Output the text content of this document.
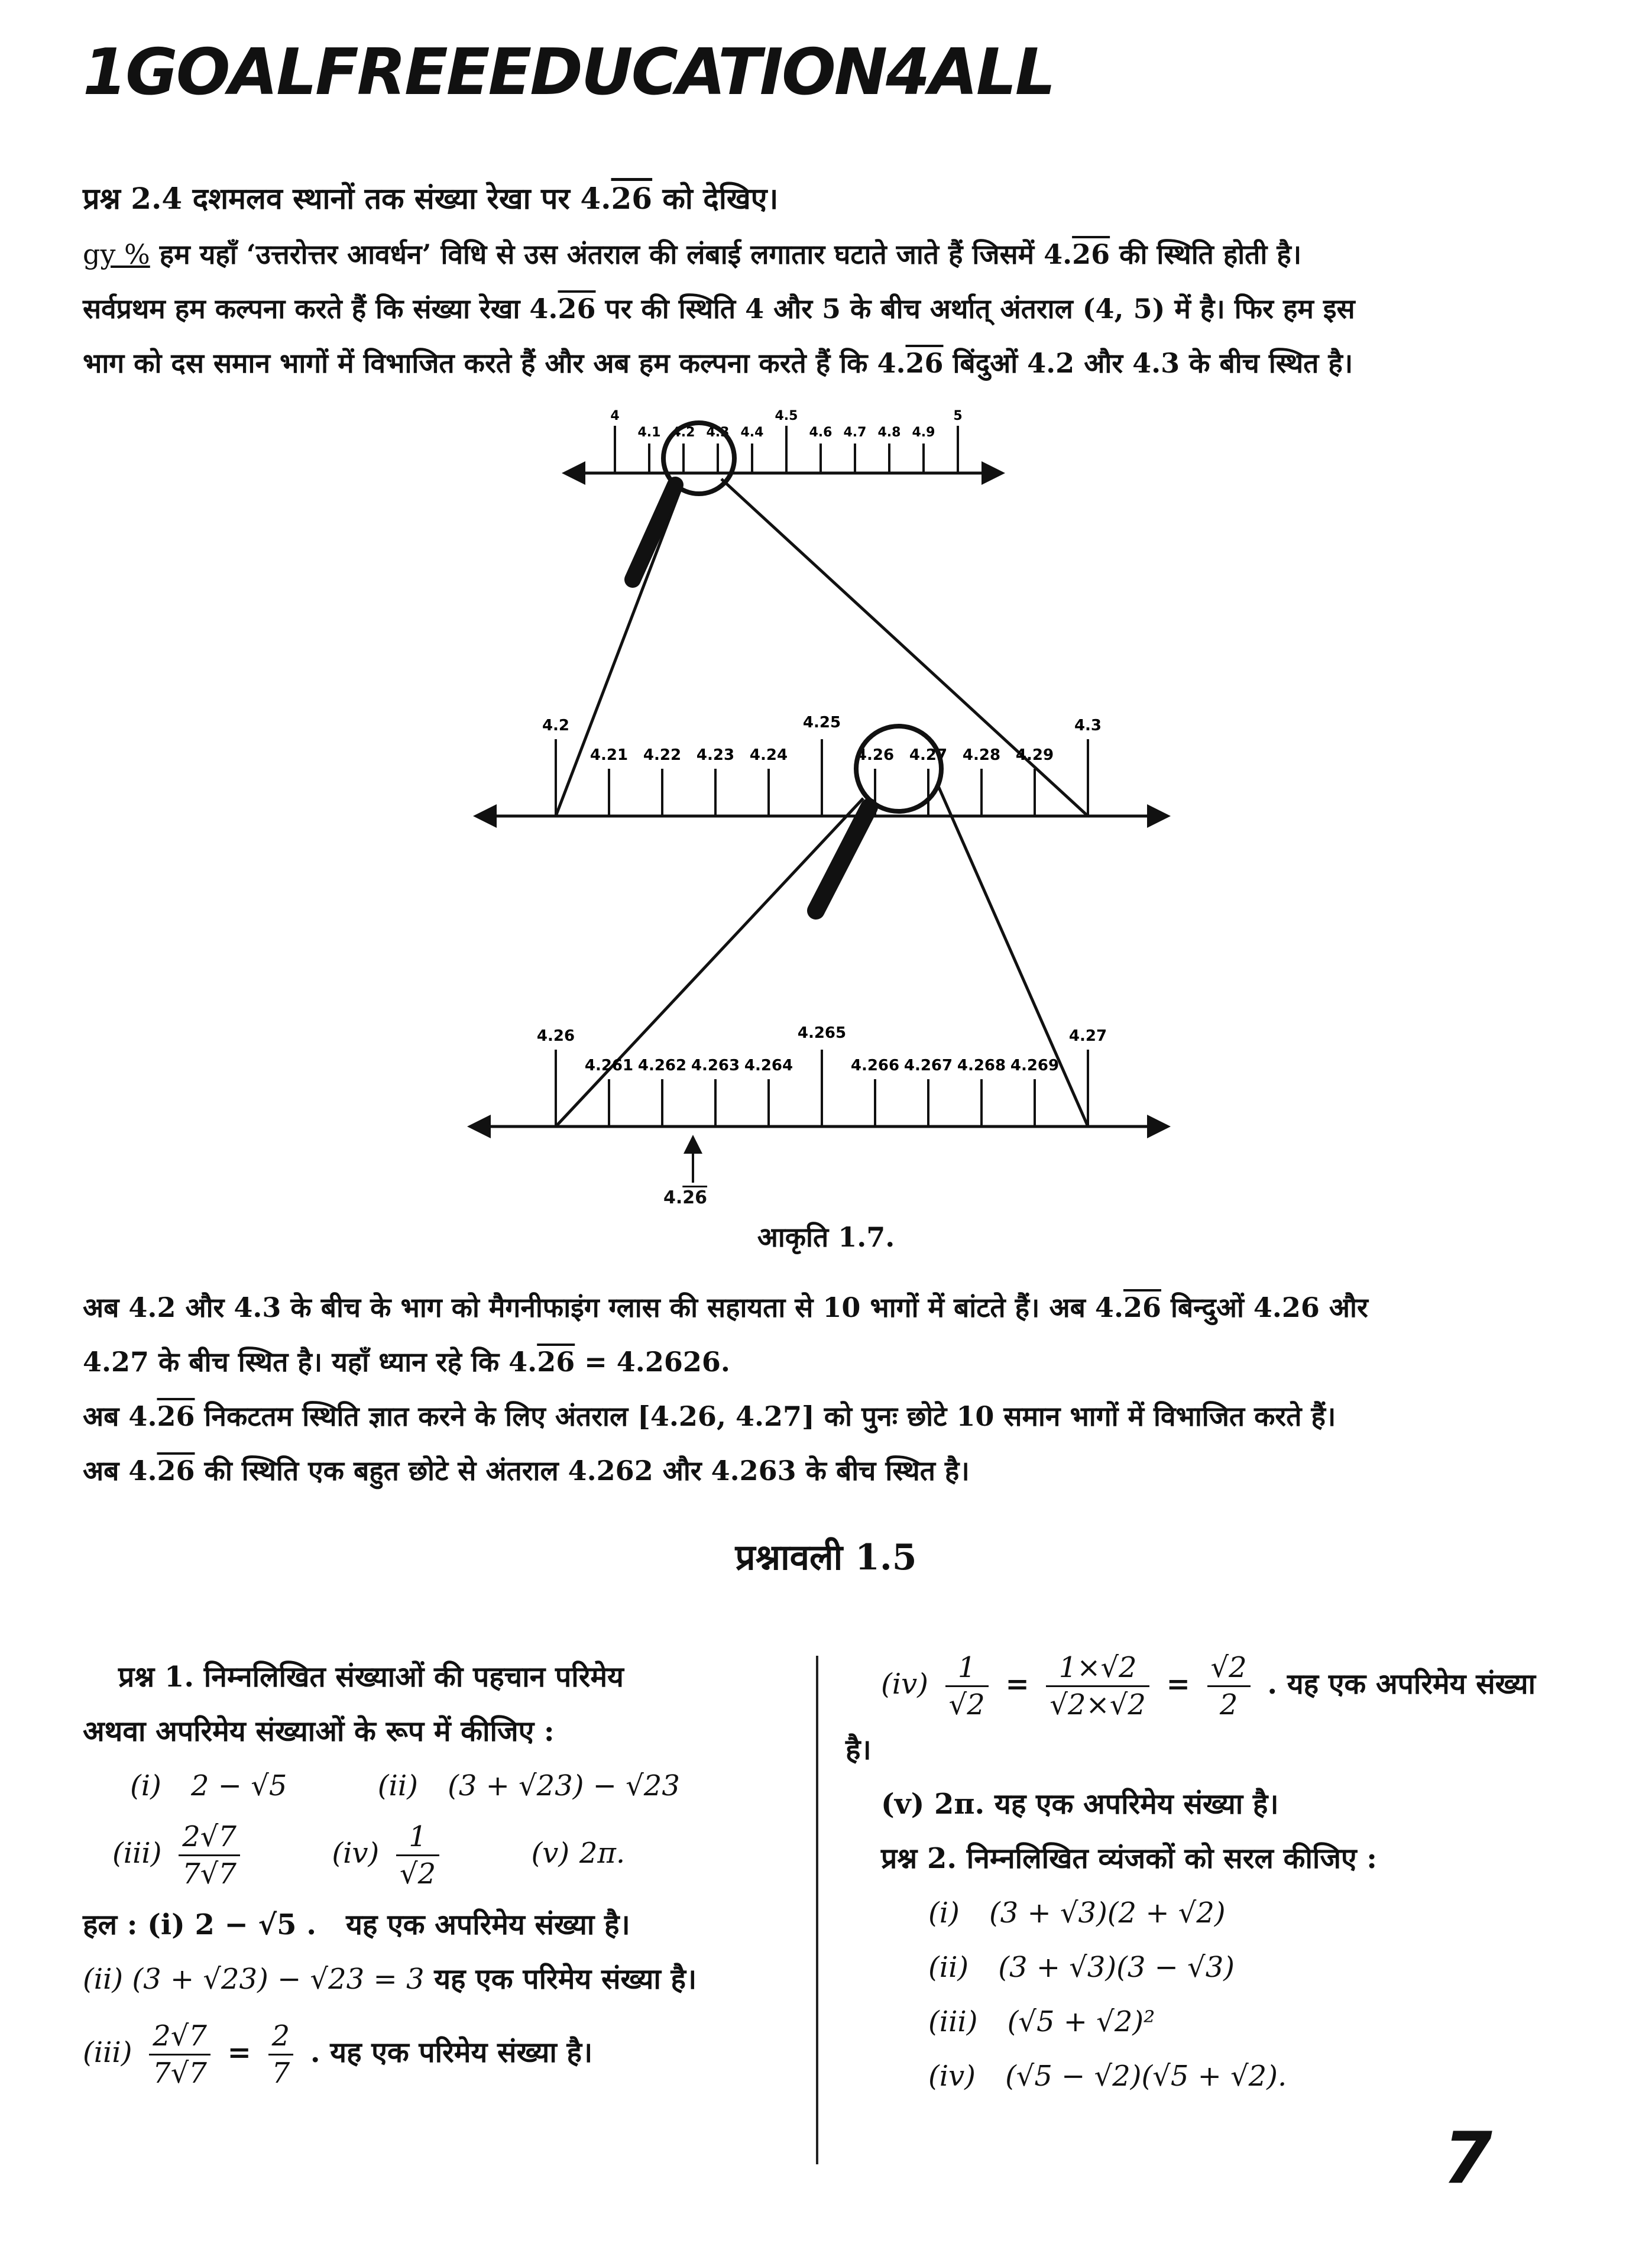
1GOALFREEEDUCATION4ALL
प्रश्न 2.4 दशमलव स्थानों तक संख्या रेखा पर 4.26 को देखिए।
gy % हम यहाँ ‘उत्तरोत्तर आवर्धन’ विधि से उस अंतराल की लंबाई लगातार घटाते जाते हैं जिसमें 4.26 की स्थिति होती है।
सर्वप्रथम हम कल्पना करते हैं कि संख्या रेखा 4.26 पर की स्थिति 4 और 5 के बीच अर्थात् अंतराल (4, 5) में है। फिर हम इस
भाग को दस समान भागों में विभाजित करते हैं और अब हम कल्पना करते हैं कि 4.26 बिंदुओं 4.2 और 4.3 के बीच स्थित है।
4
4.1 4.2 4.3 4.4
4.5
4.6 4.7 4.8 4.9
5
4.2
4.21 4.22 4.23 4.24
4.25
4.26 4.27 4.28 4.29
4.3
4.26
4.261 4.262 4.263 4.264
4.265
4.266 4.267 4.268 4.269
4.27
4.26
आकृति 1.7.
अब 4.2 और 4.3 के बीच के भाग को मैगनीफाइंग ग्लास की सहायता से 10 भागों में बांटते हैं। अब 4.26 बिन्दुओं 4.26 और
4.27 के बीच स्थित है। यहाँ ध्यान रहे कि 4.26 = 4.2626.
अब 4.26 निकटतम स्थिति ज्ञात करने के लिए अंतराल [4.26, 4.27] को पुनः छोटे 10 समान भागों में विभाजित करते हैं।
अब 4.26 की स्थिति एक बहुत छोटे से अंतराल 4.262 और 4.263 के बीच स्थित है।
प्रश्नावली 1.5
प्रश्न 1. निम्नलिखित संख्याओं की पहचान परिमेय
अथवा अपरिमेय संख्याओं के रूप में कीजिए :
(i) 2 − √5	(ii) (3 + √23) − √23
$(iii) \frac{2√7}{7√7}$	$(iv) \frac{1}{√2}$	(v) 2π.
हल : (i) 2 − √5 . यह एक अपरिमेय संख्या है।
(ii) (3 + √23) − √23 = 3 यह एक परिमेय संख्या है।
$(iii) \frac{2√7}{7√7} = \frac{2}{7}$ . यह एक परिमेय संख्या है।
$(iv) \frac{1}{√2} = \frac{1\times√2}{√2\times√2} = \frac{√2}{2}$ . यह एक अपरिमेय संख्या
है।
(v) 2π. यह एक अपरिमेय संख्या है।
प्रश्न 2. निम्नलिखित व्यंजकों को सरल कीजिए :
(i) (3 + √3)(2 + √2)
(ii) (3 + √3)(3 − √3)
(iii) (√5 + √2)²
(iv) (√5 − √2)(√5 + √2).
7
